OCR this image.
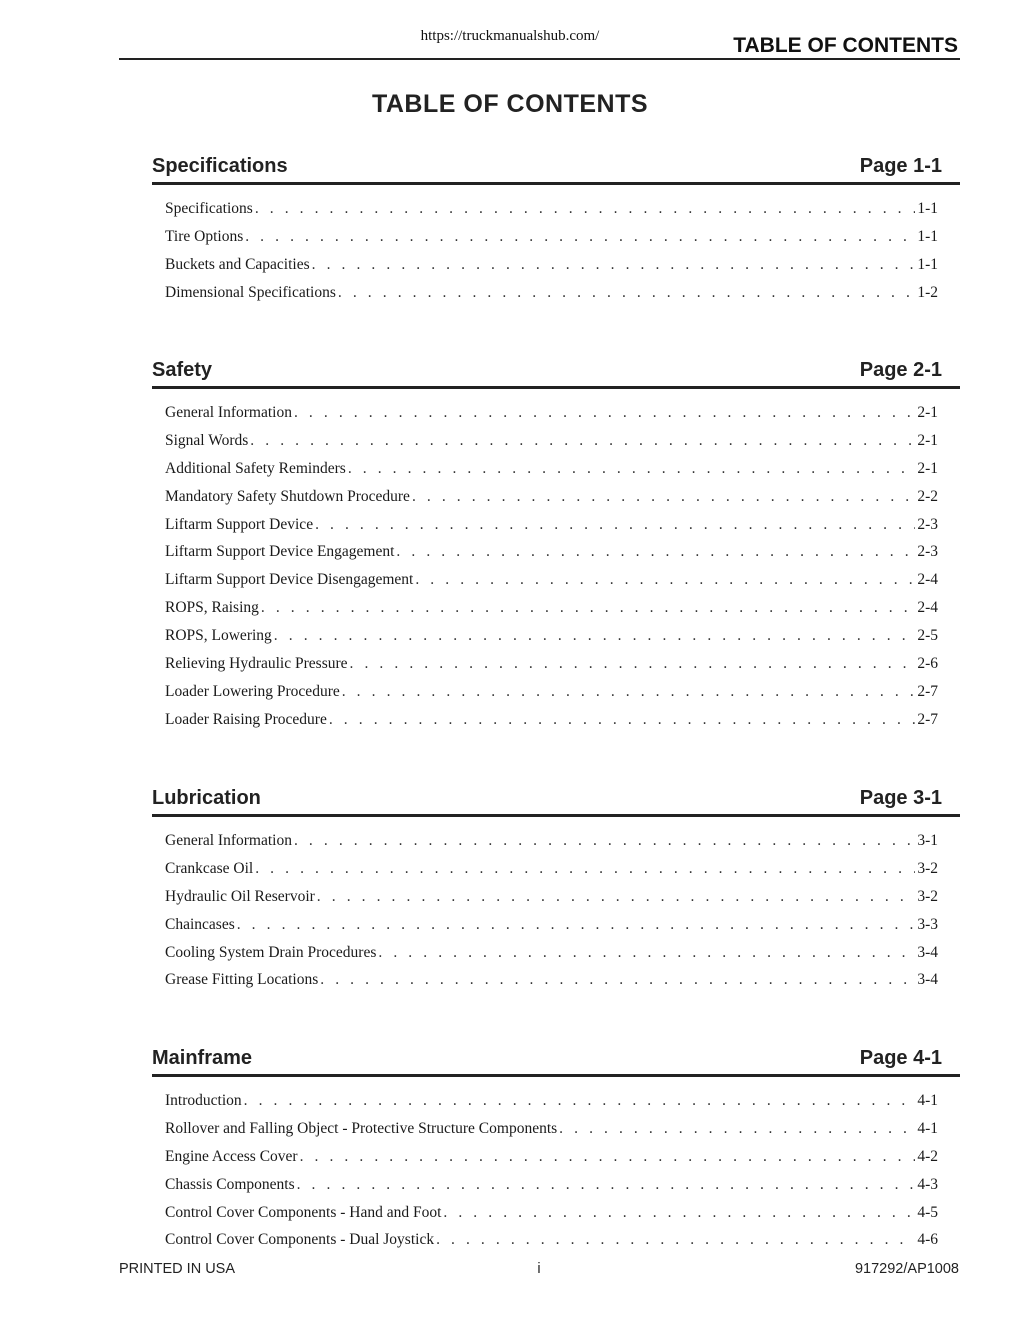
https://truckmanualshub.com/	TABLE OF CONTENTS
TABLE OF CONTENTS
Specifications	Page 1-1
Specifications . . .	1-1
Tire Options . . .	1-1
Buckets and Capacities . . .	1-1
Dimensional Specifications . . .	1-2
Safety	Page 2-1
General Information . . .	2-1
Signal Words . . .	2-1
Additional Safety Reminders . . .	2-1
Mandatory Safety Shutdown Procedure . . .	2-2
Liftarm Support Device . . .	2-3
Liftarm Support Device Engagement . . .	2-3
Liftarm Support Device Disengagement . . .	2-4
ROPS, Raising . . .	2-4
ROPS, Lowering . . .	2-5
Relieving Hydraulic Pressure . . .	2-6
Loader Lowering Procedure . . .	2-7
Loader Raising Procedure . . .	2-7
Lubrication	Page 3-1
General Information . . .	3-1
Crankcase Oil . . .	3-2
Hydraulic Oil Reservoir . . .	3-2
Chaincases . . .	3-3
Cooling System Drain Procedures . . .	3-4
Grease Fitting Locations . . .	3-4
Mainframe	Page 4-1
Introduction . . .	4-1
Rollover and Falling Object - Protective Structure Components . . .	4-1
Engine Access Cover . . .	4-2
Chassis Components . . .	4-3
Control Cover Components - Hand and Foot . . .	4-5
Control Cover Components - Dual Joystick . . .	4-6
PRINTED IN USA	i	917292/AP1008
